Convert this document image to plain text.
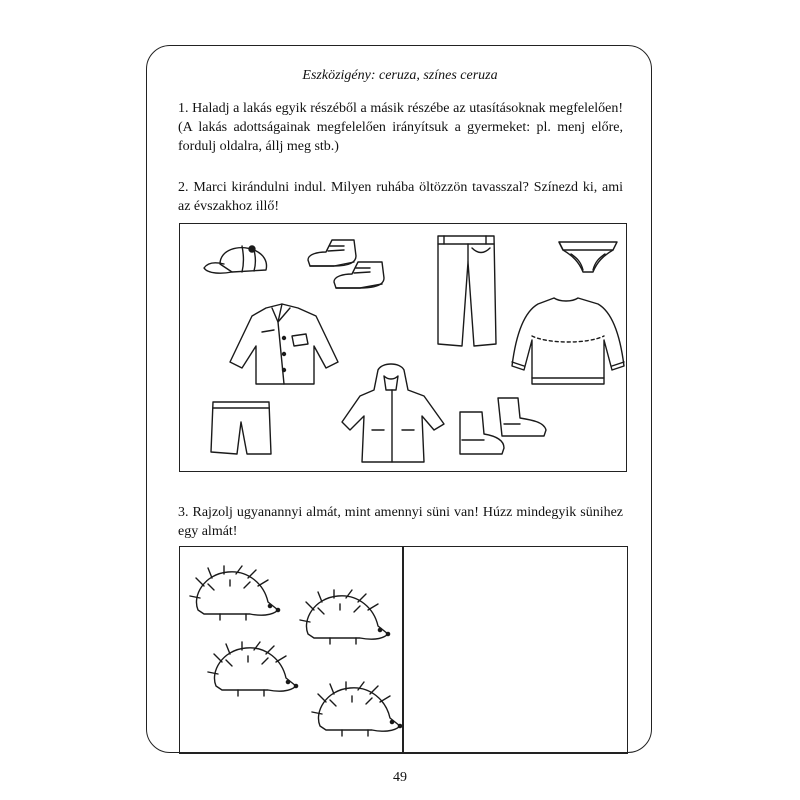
Eszközigény: ceruza, színes ceruza
1. Haladj a lakás egyik részéből a másik részébe az utasításoknak megfelelően! (A lakás adottságainak megfelelően irányítsuk a gyermeket: pl. menj előre, fordulj oldalra, állj meg stb.)
2. Marci kirándulni indul. Milyen ruhába öltözzön tavasszal? Színezd ki, ami az évszakhoz illő!
3. Rajzolj ugyanannyi almát, mint amennyi süni van! Húzz mindegyik sünihez egy almát!
49
